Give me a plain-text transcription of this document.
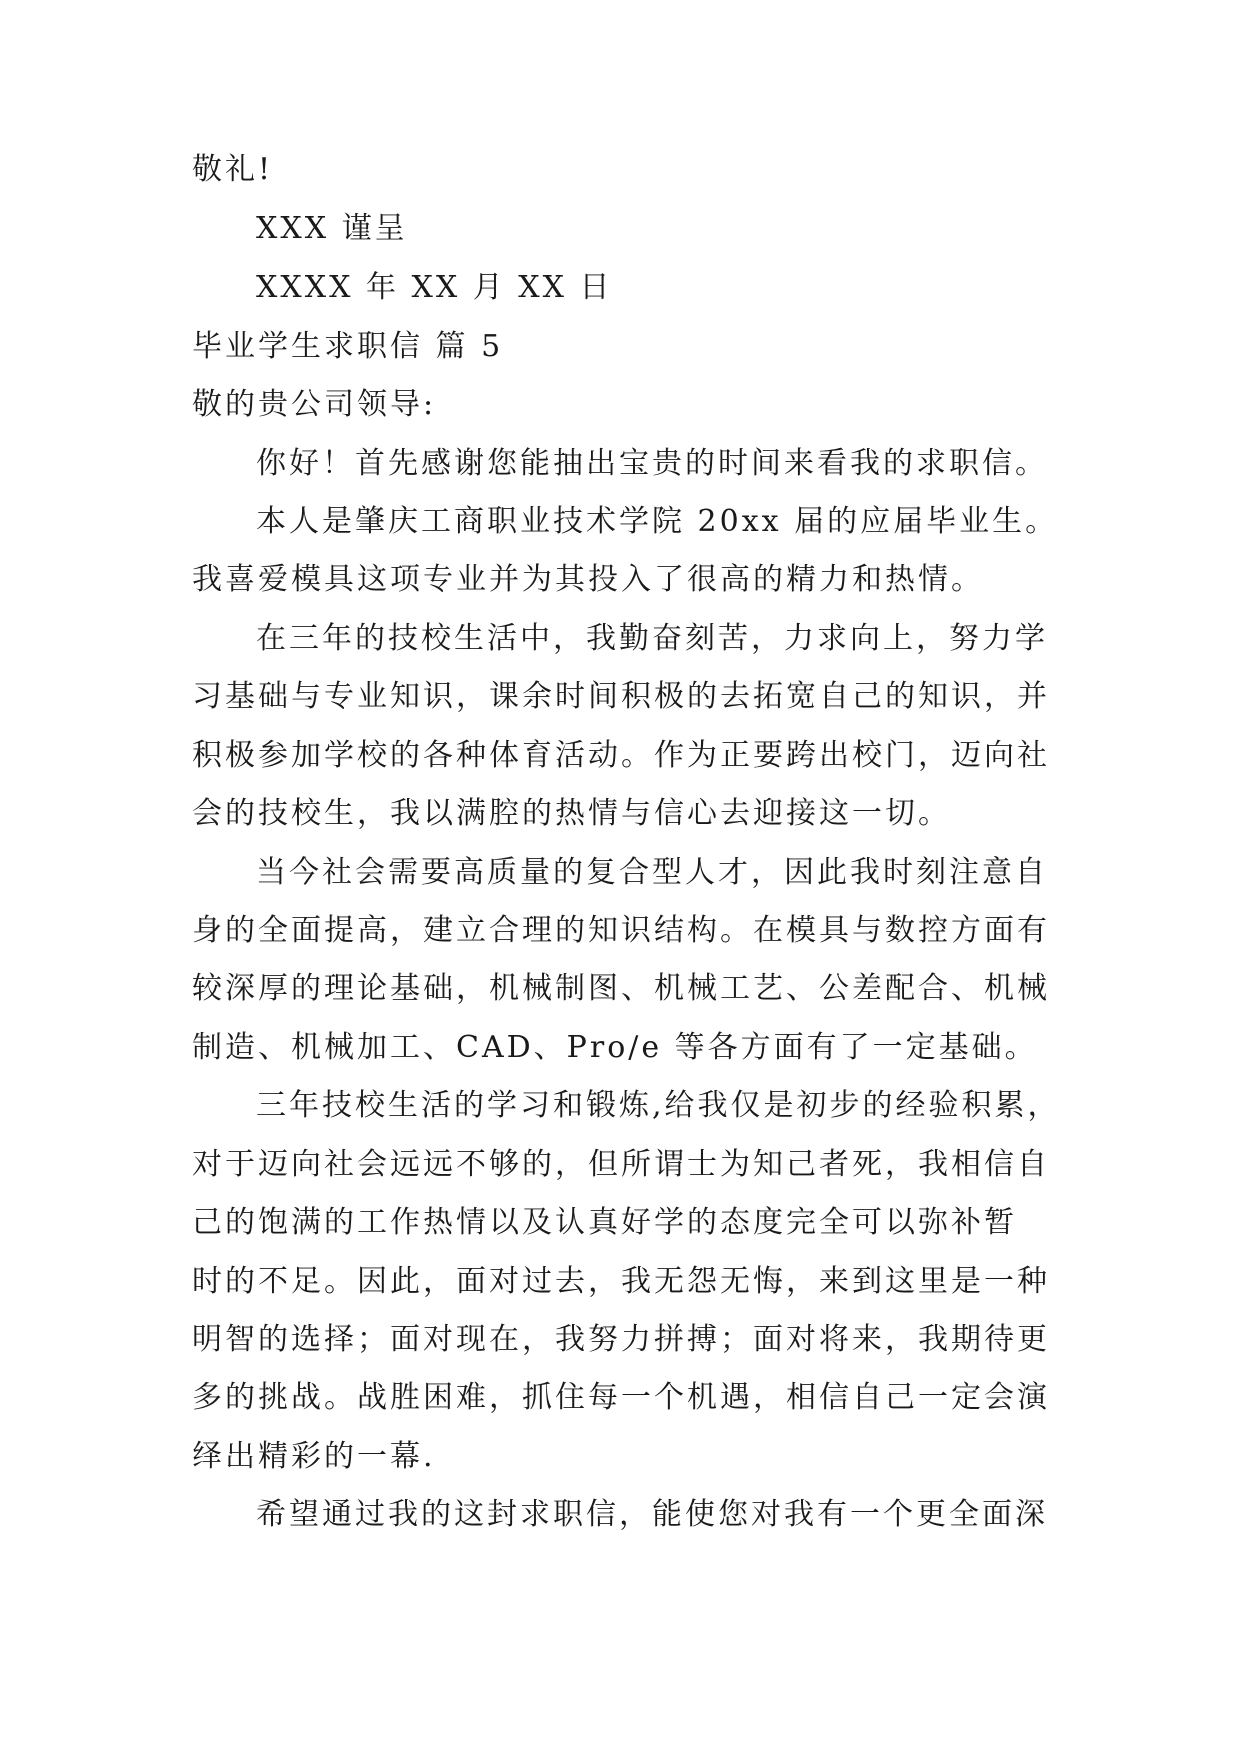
敬礼!
XXX 谨呈
XXXX 年 XX 月 XX 日
毕业学生求职信 篇 5
敬的贵公司领导:
你好！首先感谢您能抽出宝贵的时间来看我的求职信。
本人是肇庆工商职业技术学院 20xx 届的应届毕业生。
我喜爱模具这项专业并为其投入了很高的精力和热情。
在三年的技校生活中，我勤奋刻苦，力求向上，努力学
习基础与专业知识，课余时间积极的去拓宽自己的知识，并
积极参加学校的各种体育活动。作为正要跨出校门，迈向社
会的技校生，我以满腔的热情与信心去迎接这一切。
当今社会需要高质量的复合型人才，因此我时刻注意自
身的全面提高，建立合理的知识结构。在模具与数控方面有
较深厚的理论基础，机械制图、机械工艺、公差配合、机械
制造、机械加工、CAD、Pro/e 等各方面有了一定基础。
三年技校生活的学习和锻炼,给我仅是初步的经验积累，
对于迈向社会远远不够的，但所谓士为知己者死，我相信自
己的饱满的工作热情以及认真好学的态度完全可以弥补暂
时的不足。因此，面对过去，我无怨无悔，来到这里是一种
明智的选择；面对现在，我努力拼搏；面对将来，我期待更
多的挑战。战胜困难，抓住每一个机遇，相信自己一定会演
绎出精彩的一幕.
希望通过我的这封求职信，能使您对我有一个更全面深
